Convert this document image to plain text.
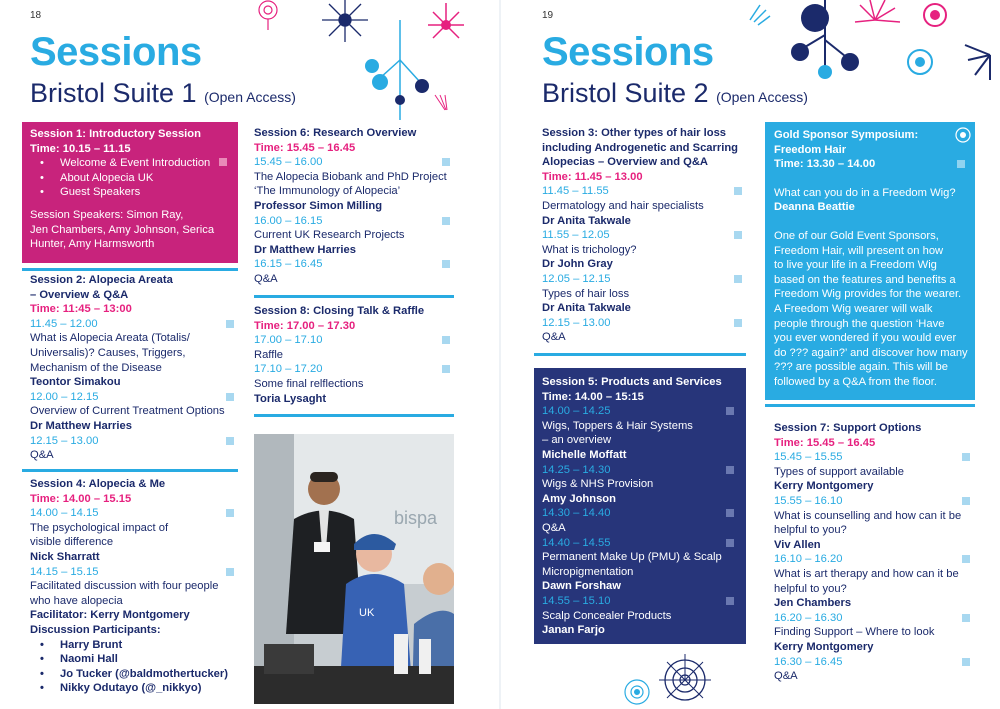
18
Sessions
Bristol Suite 1 (Open Access)
Session 1: Introductory Session
Time: 10.15 – 11.15
• Welcome & Event Introduction
• About Alopecia UK
• Guest Speakers
Session Speakers: Simon Ray,
Jen Chambers, Amy Johnson, Serica
Hunter, Amy Harmsworth
Session 2: Alopecia Areata
– Overview & Q&A
Time: 11:45 – 13:00
11.45 – 12.00
What is Alopecia Areata (Totalis/
Universalis)? Causes, Triggers,
Mechanism of the Disease
Teontor Simakou
12.00 – 12.15
Overview of Current Treatment Options
Dr Matthew Harries
12.15 – 13.00
Q&A
Session 4: Alopecia & Me
Time: 14.00 – 15.15
14.00 – 14.15
The psychological impact of
visible difference
Nick Sharratt
14.15 – 15.15
Facilitated discussion with four people
who have alopecia
Facilitator: Kerry Montgomery
Discussion Participants:
• Harry Brunt
• Naomi Hall
• Jo Tucker (@baldmothertucker)
• Nikky Odutayo (@_nikkyo)
Session 6: Research Overview
Time: 15.45 – 16.45
15.45 – 16.00
The Alopecia Biobank and PhD Project
‘The Immunology of Alopecia’
Professor Simon Milling
16.00 – 16.15
Current UK Research Projects
Dr Matthew Harries
16.15 – 16.45
Q&A
Session 8: Closing Talk & Raffle
Time: 17.00 – 17.30
17.00 – 17.10
Raffle
17.10 – 17.20
Some final relflections
Toria Lysaght
bispa
UK
19
Sessions
Bristol Suite 2 (Open Access)
Session 3: Other types of hair loss
including Androgenetic and Scarring
Alopecias – Overview and Q&A
Time: 11.45 – 13.00
11.45 – 11.55
Dermatology and hair specialists
Dr Anita Takwale
11.55 – 12.05
What is trichology?
Dr John Gray
12.05 – 12.15
Types of hair loss
Dr Anita Takwale
12.15 – 13.00
Q&A
Session 5: Products and Services
Time: 14.00 – 15:15
14.00 – 14.25
Wigs, Toppers & Hair Systems
– an overview
Michelle Moffatt
14.25 – 14.30
Wigs & NHS Provision
Amy Johnson
14.30 – 14.40
Q&A
14.40 – 14.55
Permanent Make Up (PMU) & Scalp
Micropigmentation
Dawn Forshaw
14.55 – 15.10
Scalp Concealer Products
Janan Farjo
Gold Sponsor Symposium:
Freedom Hair
Time: 13.30 – 14.00
What can you do in a Freedom Wig?
Deanna Beattie
One of our Gold Event Sponsors,
Freedom Hair, will present on how
to live your life in a Freedom Wig
based on the features and benefits a
Freedom Wig provides for the wearer.
A Freedom Wig wearer will walk
people through the question ‘Have
you ever wondered if you would ever
do ??? again?’ and discover how many
??? are possible again. This will be
followed by a Q&A from the floor.
Session 7: Support Options
Time: 15.45 – 16.45
15.45 – 15.55
Types of support available
Kerry Montgomery
15.55 – 16.10
What is counselling and how can it be
helpful to you?
Viv Allen
16.10 – 16.20
What is art therapy and how can it be
helpful to you?
Jen Chambers
16.20 – 16.30
Finding Support – Where to look
Kerry Montgomery
16.30 – 16.45
Q&A
